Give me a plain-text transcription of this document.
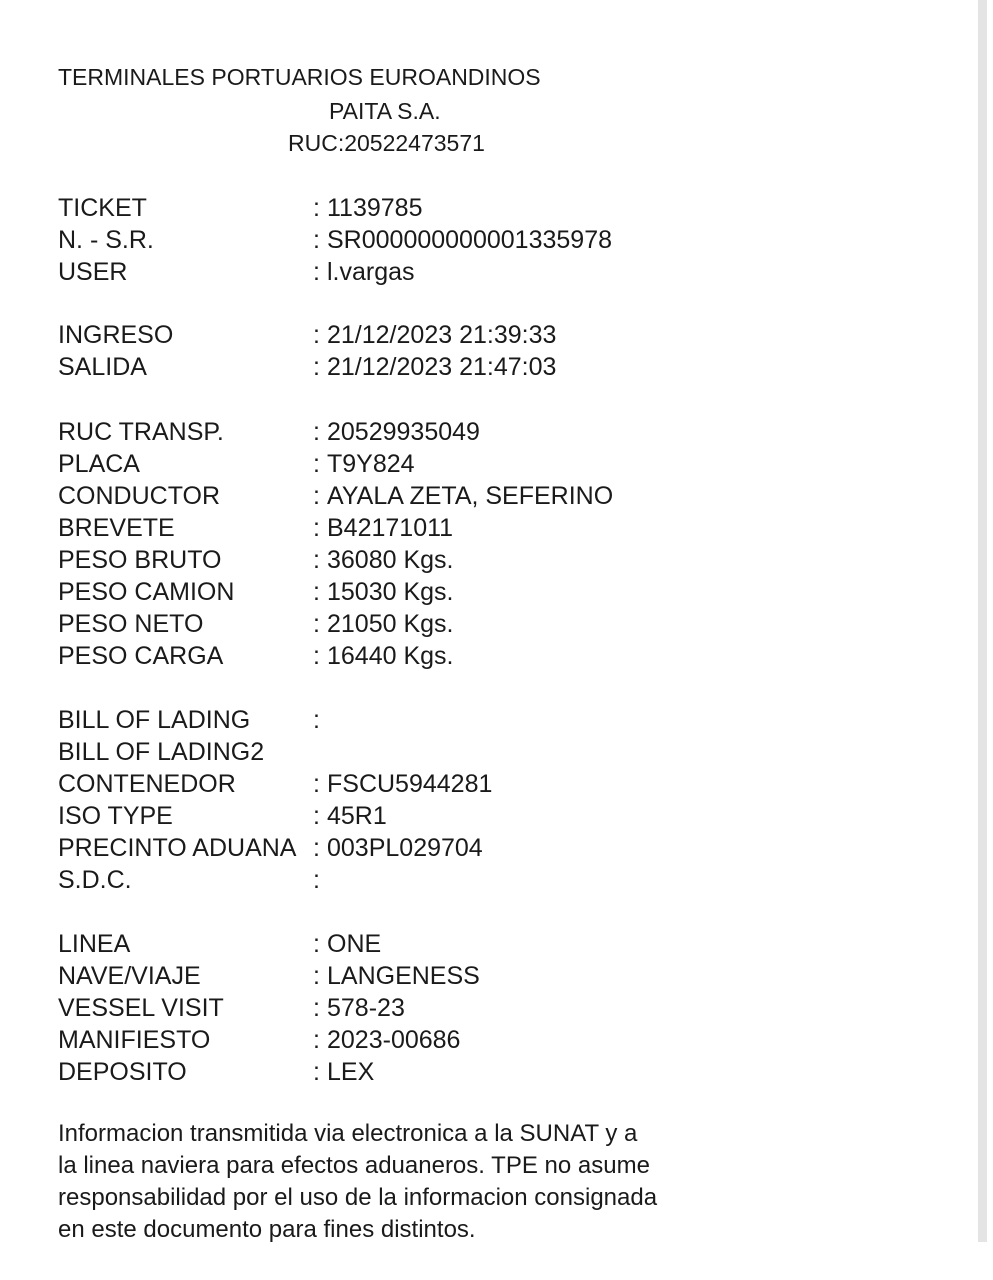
TERMINALES PORTUARIOS EUROANDINOS
PAITA S.A.
RUC:20522473571
TICKET	: 1139785
N. - S.R.	: SR000000000001335978
USER	: l.vargas
INGRESO	: 21/12/2023 21:39:33
SALIDA	: 21/12/2023 21:47:03
RUC TRANSP.	: 20529935049
PLACA	: T9Y824
CONDUCTOR	: AYALA ZETA, SEFERINO
BREVETE	: B42171011
PESO BRUTO	: 36080 Kgs.
PESO CAMION	: 15030 Kgs.
PESO NETO	: 21050 Kgs.
PESO CARGA	: 16440 Kgs.
BILL OF LADING	:
BILL OF LADING2
CONTENEDOR	: FSCU5944281
ISO TYPE	: 45R1
PRECINTO ADUANA : 003PL029704
S.D.C.	:
LINEA	: ONE
NAVE/VIAJE	: LANGENESS
VESSEL VISIT	: 578-23
MANIFIESTO	: 2023-00686
DEPOSITO	: LEX
Informacion transmitida via electronica a la SUNAT y a
la linea naviera para efectos aduaneros. TPE no asume
responsabilidad por el uso de la informacion consignada
en este documento para fines distintos.
